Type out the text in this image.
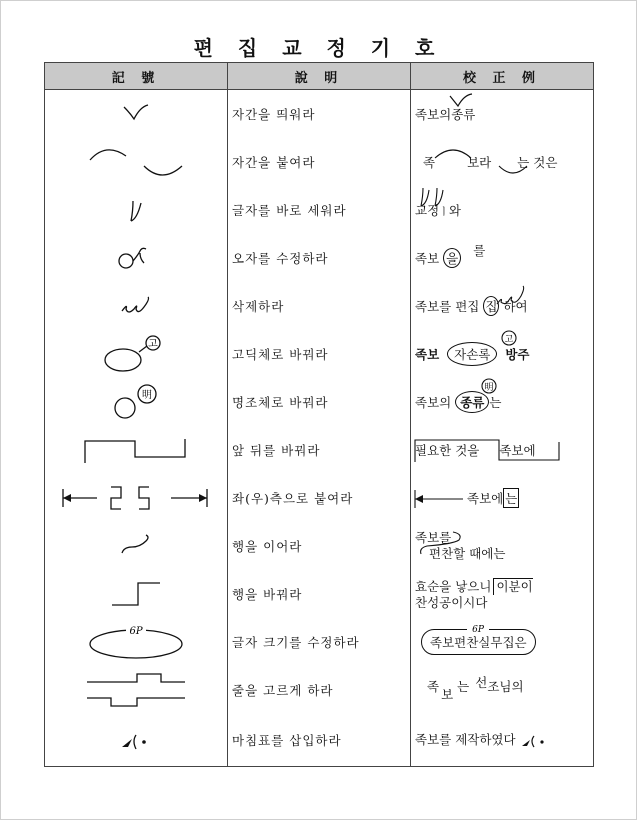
편 집 교 정 기 호
記 號	說 明	校 正 例

	자간을 띄워라	족보의종류

	자간을 붙여라	족 보라 는 것은

	글자를 바로 세워라	교정ㅣ와

	오자를 수정하라	족보 을 를

	삭제하라	족보를 편집 집 하여

고	고딕체로 바꿔라	족보 자손록 방주
고

明	명조체로 바꿔라	족보의 종류 는
明

	앞 뒤를 바꿔라	필요한 것을 족보에

	좌(우)측으로 붙여라	족보에 는

	행을 이어라	족보를
편찬할 때에는

	행을 바꿔라	효순을 낳으니 이분이
찬성공이시다

6P	글자 크기를 수정하라	족보편찬실무집은
6P

	줄을 고르게 하라	족보는 선조님의

	마침표를 삽입하라	족보를 제작하였다
